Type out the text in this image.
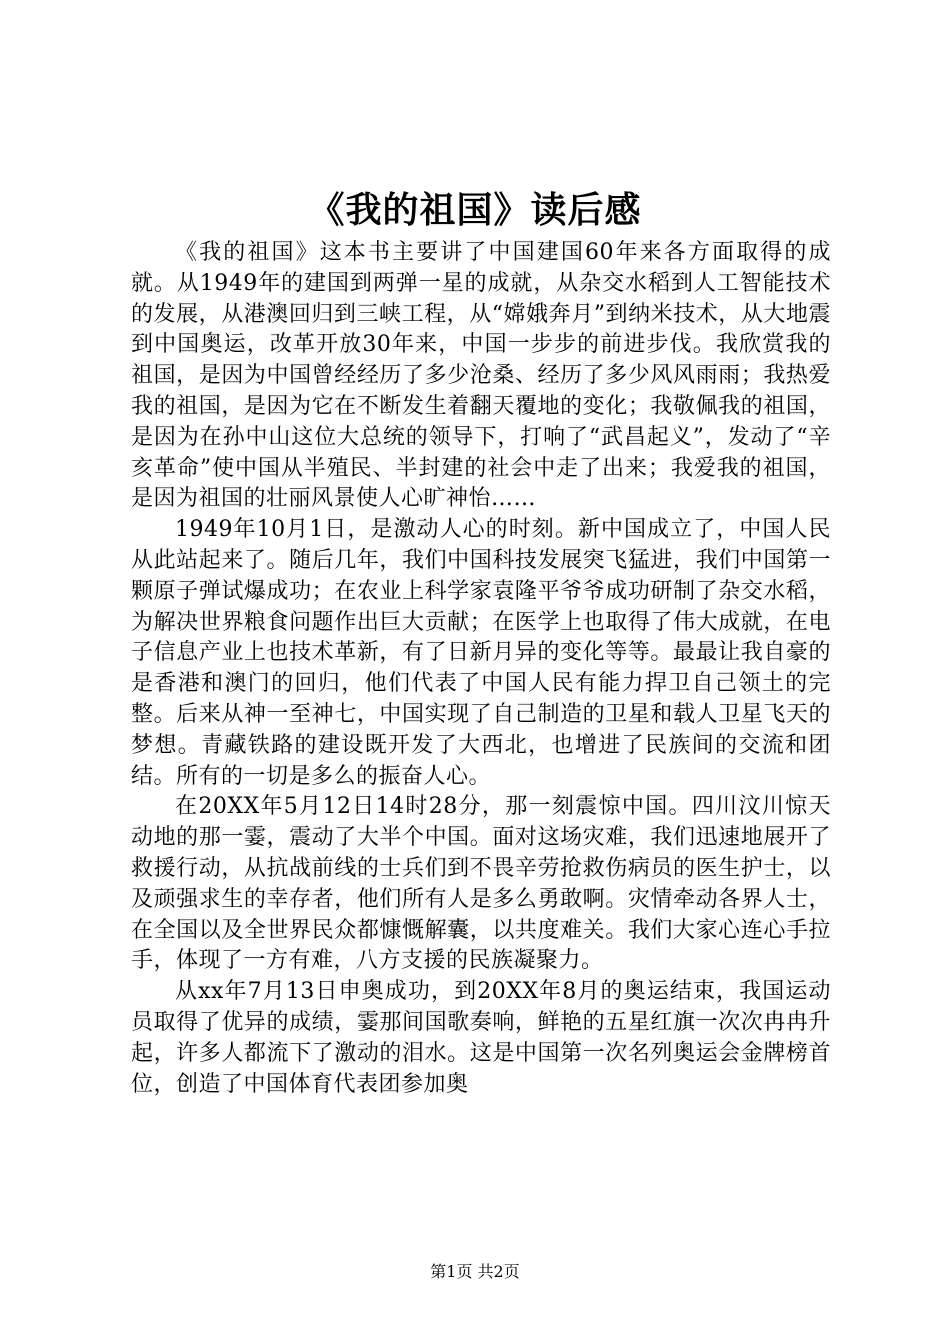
《我的祖国》读后感

《我的祖国》这本书主要讲了中国建国60年来各方面取得的成就。从1949年的建国到两弹一星的成就，从杂交水稻到人工智能技术的发展，从港澳回归到三峡工程，从“嫦娥奔月”到纳米技术，从大地震到中国奥运，改革开放30年来，中国一步步的前进步伐。我欣赏我的祖国，是因为中国曾经经历了多少沧桑、经历了多少风风雨雨；我热爱我的祖国，是因为它在不断发生着翻天覆地的变化；我敬佩我的祖国，是因为在孙中山这位大总统的领导下，打响了“武昌起义”，发动了“辛亥革命”使中国从半殖民、半封建的社会中走了出来；我爱我的祖国，是因为祖国的壮丽风景使人心旷神怡……

1949年10月1日，是激动人心的时刻。新中国成立了，中国人民从此站起来了。随后几年，我们中国科技发展突飞猛进，我们中国第一颗原子弹试爆成功；在农业上科学家袁隆平爷爷成功研制了杂交水稻，为解决世界粮食问题作出巨大贡献；在医学上也取得了伟大成就，在电子信息产业上也技术革新，有了日新月异的变化等等。最最让我自豪的是香港和澳门的回归，他们代表了中国人民有能力捍卫自己领土的完整。后来从神一至神七，中国实现了自己制造的卫星和载人卫星飞天的梦想。青藏铁路的建设既开发了大西北，也增进了民族间的交流和团结。所有的一切是多么的振奋人心。

在20XX年5月12日14时28分，那一刻震惊中国。四川汶川惊天动地的那一霎，震动了大半个中国。面对这场灾难，我们迅速地展开了救援行动，从抗战前线的士兵们到不畏辛劳抢救伤病员的医生护士，以及顽强求生的幸存者，他们所有人是多么勇敢啊。灾情牵动各界人士，在全国以及全世界民众都慷慨解囊，以共度难关。我们大家心连心手拉手，体现了一方有难，八方支援的民族凝聚力。

从xx年7月13日申奥成功，到20XX年8月的奥运结束，我国运动员取得了优异的成绩，霎那间国歌奏响，鲜艳的五星红旗一次次冉冉升起，许多人都流下了激动的泪水。这是中国第一次名列奥运会金牌榜首位，创造了中国体育代表团参加奥

第1页 共2页
